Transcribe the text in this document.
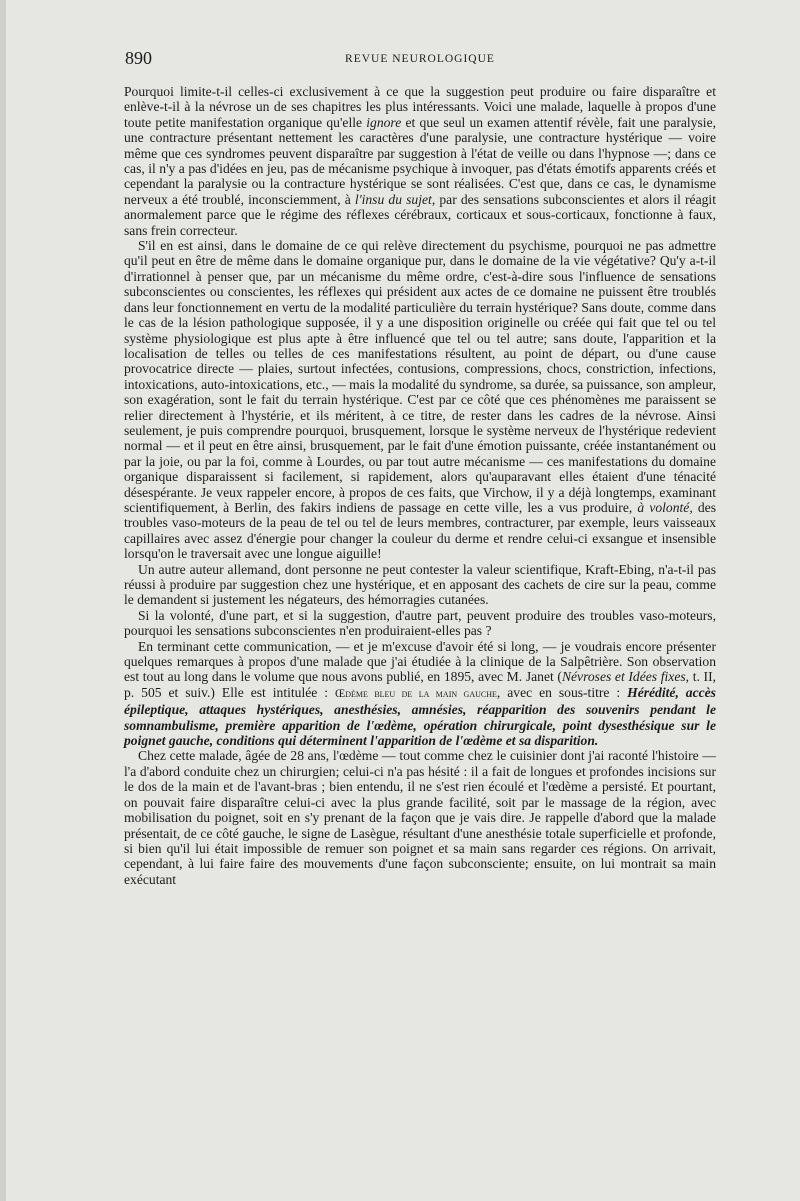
890	REVUE NEUROLOGIQUE

Pourquoi limite-t-il celles-ci exclusivement à ce que la suggestion peut produire ou faire disparaître et enlève-t-il à la névrose un de ses chapitres les plus intéressants. Voici une malade, laquelle à propos d'une toute petite manifestation organique qu'elle ignore et que seul un examen attentif révèle, fait une paralysie, une contracture présentant nettement les caractères d'une paralysie, une contracture hystérique — voire même que ces syndromes peuvent disparaître par suggestion à l'état de veille ou dans l'hypnose —; dans ce cas, il n'y a pas d'idées en jeu, pas de mécanisme psychique à invoquer, pas d'états émotifs apparents créés et cependant la paralysie ou la contracture hystérique se sont réalisées. C'est que, dans ce cas, le dynamisme nerveux a été troublé, inconsciemment, à l'insu du sujet, par des sensations subconscientes et alors il réagit anormalement parce que le régime des réflexes cérébraux, corticaux et sous-corticaux, fonctionne à faux, sans frein correcteur.

S'il en est ainsi, dans le domaine de ce qui relève directement du psychisme, pourquoi ne pas admettre qu'il peut en être de même dans le domaine organique pur, dans le domaine de la vie végétative? Qu'y a-t-il d'irrationnel à penser que, par un mécanisme du même ordre, c'est-à-dire sous l'influence de sensations subconscientes ou conscientes, les réflexes qui président aux actes de ce domaine ne puissent être troublés dans leur fonctionnement en vertu de la modalité particulière du terrain hystérique? Sans doute, comme dans le cas de la lésion pathologique supposée, il y a une disposition originelle ou créée qui fait que tel ou tel système physiologique est plus apte à être influencé que tel ou tel autre; sans doute, l'apparition et la localisation de telles ou telles de ces manifestations résultent, au point de départ, ou d'une cause provocatrice directe — plaies, surtout infectées, contusions, compressions, chocs, constriction, infections, intoxications, auto-intoxications, etc., — mais la modalité du syndrome, sa durée, sa puissance, son ampleur, son exagération, sont le fait du terrain hystérique. C'est par ce côté que ces phénomènes me paraissent se relier directement à l'hystérie, et ils méritent, à ce titre, de rester dans les cadres de la névrose. Ainsi seulement, je puis comprendre pourquoi, brusquement, lorsque le système nerveux de l'hystérique redevient normal — et il peut en être ainsi, brusquement, par le fait d'une émotion puissante, créée instantanément ou par la joie, ou par la foi, comme à Lourdes, ou par tout autre mécanisme — ces manifestations du domaine organique disparaissent si facilement, si rapidement, alors qu'auparavant elles étaient d'une ténacité désespérante. Je veux rappeler encore, à propos de ces faits, que Virchow, il y a déjà longtemps, examinant scientifiquement, à Berlin, des fakirs indiens de passage en cette ville, les a vus produire, à volonté, des troubles vaso-moteurs de la peau de tel ou tel de leurs membres, contracturer, par exemple, leurs vaisseaux capillaires avec assez d'énergie pour changer la couleur du derme et rendre celui-ci exsangue et insensible lorsqu'on le traversait avec une longue aiguille!

Un autre auteur allemand, dont personne ne peut contester la valeur scientifique, Kraft-Ebing, n'a-t-il pas réussi à produire par suggestion chez une hystérique, et en apposant des cachets de cire sur la peau, comme le demandent si justement les négateurs, des hémorragies cutanées.

Si la volonté, d'une part, et si la suggestion, d'autre part, peuvent produire des troubles vaso-moteurs, pourquoi les sensations subconscientes n'en produiraient-elles pas ?

En terminant cette communication, — et je m'excuse d'avoir été si long, — je voudrais encore présenter quelques remarques à propos d'une malade que j'ai étudiée à la clinique de la Salpêtrière. Son observation est tout au long dans le volume que nous avons publié, en 1895, avec M. Janet (Névroses et Idées fixes, t. II, p. 505 et suiv.) Elle est intitulée : Œdème bleu de la main gauche, avec en sous-titre : Hérédité, accès épileptique, attaques hystériques, anesthésies, amnésies, réapparition des souvenirs pendant le somnambulisme, première apparition de l'œdème, opération chirurgicale, point dysesthésique sur le poignet gauche, conditions qui déterminent l'apparition de l'œdème et sa disparition.

Chez cette malade, âgée de 28 ans, l'œdème — tout comme chez le cuisinier dont j'ai raconté l'histoire — l'a d'abord conduite chez un chirurgien; celui-ci n'a pas hésité : il a fait de longues et profondes incisions sur le dos de la main et de l'avant-bras ; bien entendu, il ne s'est rien écoulé et l'œdème a persisté. Et pourtant, on pouvait faire disparaître celui-ci avec la plus grande facilité, soit par le massage de la région, avec mobilisation du poignet, soit en s'y prenant de la façon que je vais dire. Je rappelle d'abord que la malade présentait, de ce côté gauche, le signe de Lasègue, résultant d'une anesthésie totale superficielle et profonde, si bien qu'il lui était impossible de remuer son poignet et sa main sans regarder ces régions. On arrivait, cependant, à lui faire faire des mouvements d'une façon subconsciente; ensuite, on lui montrait sa main exécutant
